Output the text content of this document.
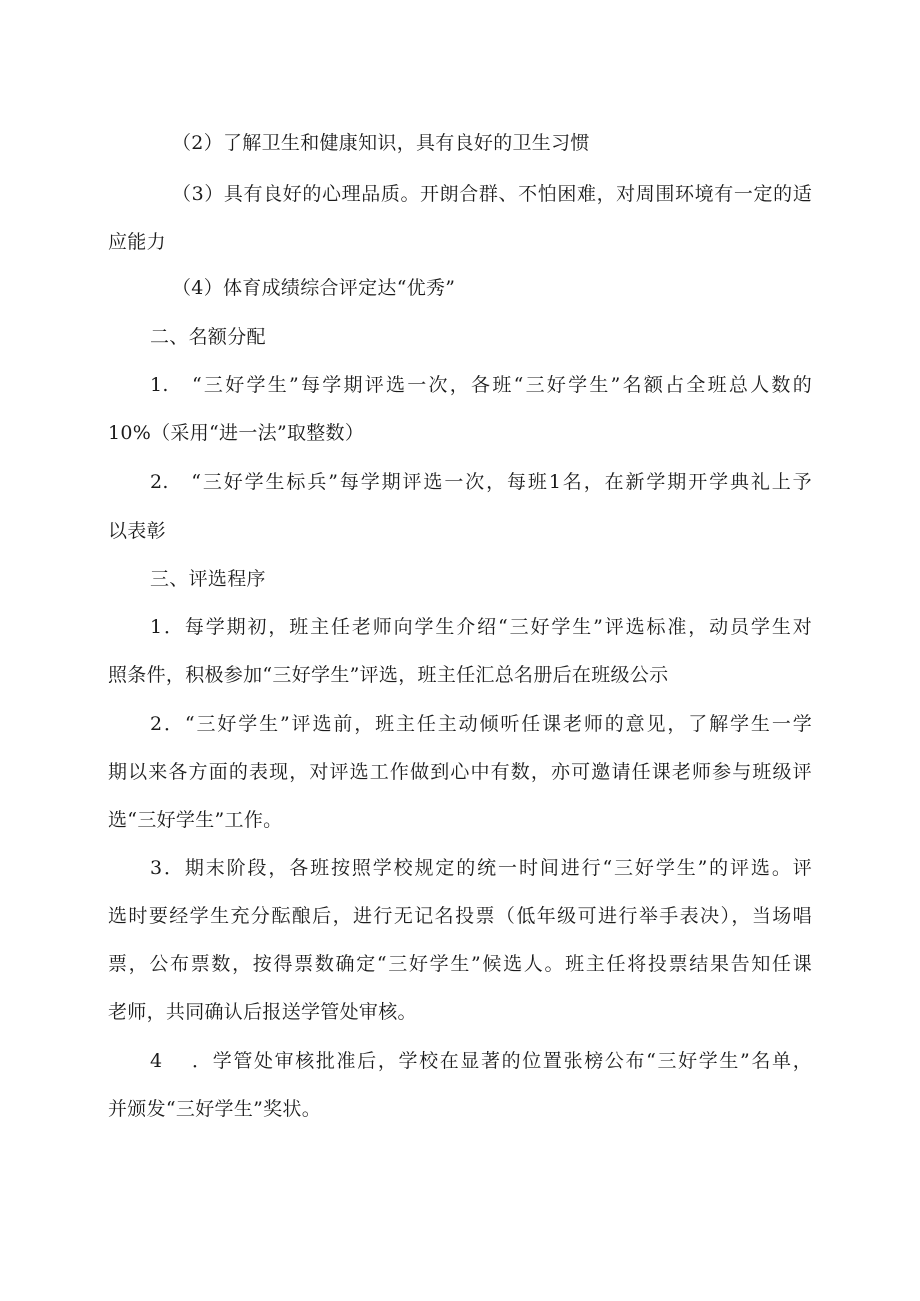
（2）了解卫生和健康知识，具有良好的卫生习惯
（3）具有良好的心理品质。开朗合群、不怕困难，对周围环境有一定的适
应能力
（4）体育成绩综合评定达“优秀”
二、名额分配
1.　“三好学生”每学期评选一次，各班“三好学生”名额占全班总人数的
10%（采用“进一法”取整数）
2.　“三好学生标兵”每学期评选一次，每班1名，在新学期开学典礼上予
以表彰
三、评选程序
1．每学期初，班主任老师向学生介绍“三好学生”评选标准，动员学生对
照条件，积极参加“三好学生”评选，班主任汇总名册后在班级公示
2．“三好学生”评选前，班主任主动倾听任课老师的意见，了解学生一学
期以来各方面的表现，对评选工作做到心中有数，亦可邀请任课老师参与班级评
选“三好学生”工作。
3．期末阶段，各班按照学校规定的统一时间进行“三好学生”的评选。评
选时要经学生充分酝酿后，进行无记名投票（低年级可进行举手表决），当场唱
票，公布票数，按得票数确定“三好学生”候选人。班主任将投票结果告知任课
老师，共同确认后报送学管处审核。
4　 ．学管处审核批准后，学校在显著的位置张榜公布“三好学生”名单，
并颁发“三好学生”奖状。
